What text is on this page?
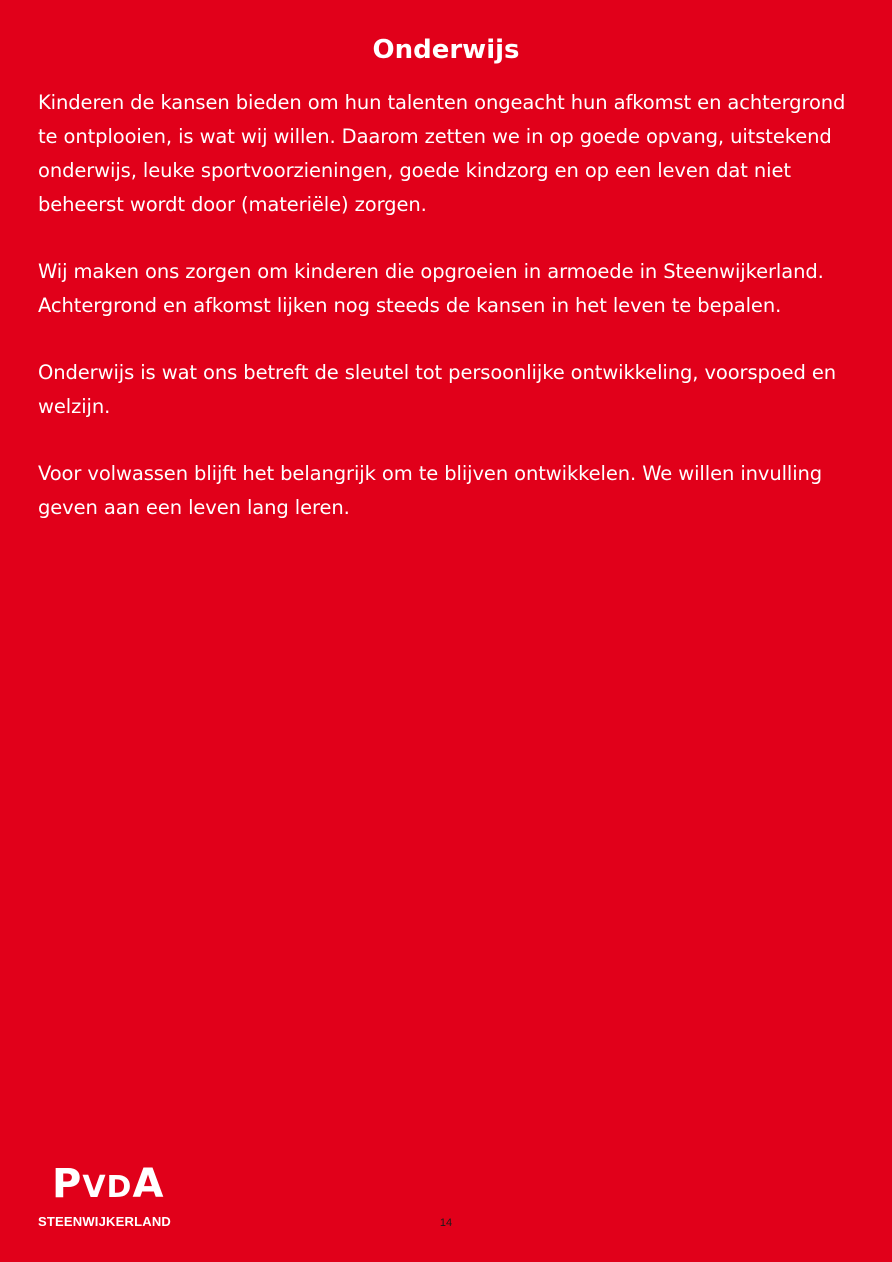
Onderwijs

Kinderen de kansen bieden om hun talenten ongeacht hun afkomst en achtergrond te ontplooien, is wat wij willen. Daarom zetten we in op goede opvang, uitstekend onderwijs, leuke sportvoorzieningen, goede kindzorg en op een leven dat niet beheerst wordt door (materiële) zorgen.

Wij maken ons zorgen om kinderen die opgroeien in armoede in Steenwijkerland. Achtergrond en afkomst lijken nog steeds de kansen in het leven te bepalen.

Onderwijs is wat ons betreft de sleutel tot persoonlijke ontwikkeling, voorspoed en welzijn.

Voor volwassen blijft het belangrijk om te blijven ontwikkelen. We willen invulling geven aan een leven lang leren.

PVDA
STEENWIJKERLAND	14
